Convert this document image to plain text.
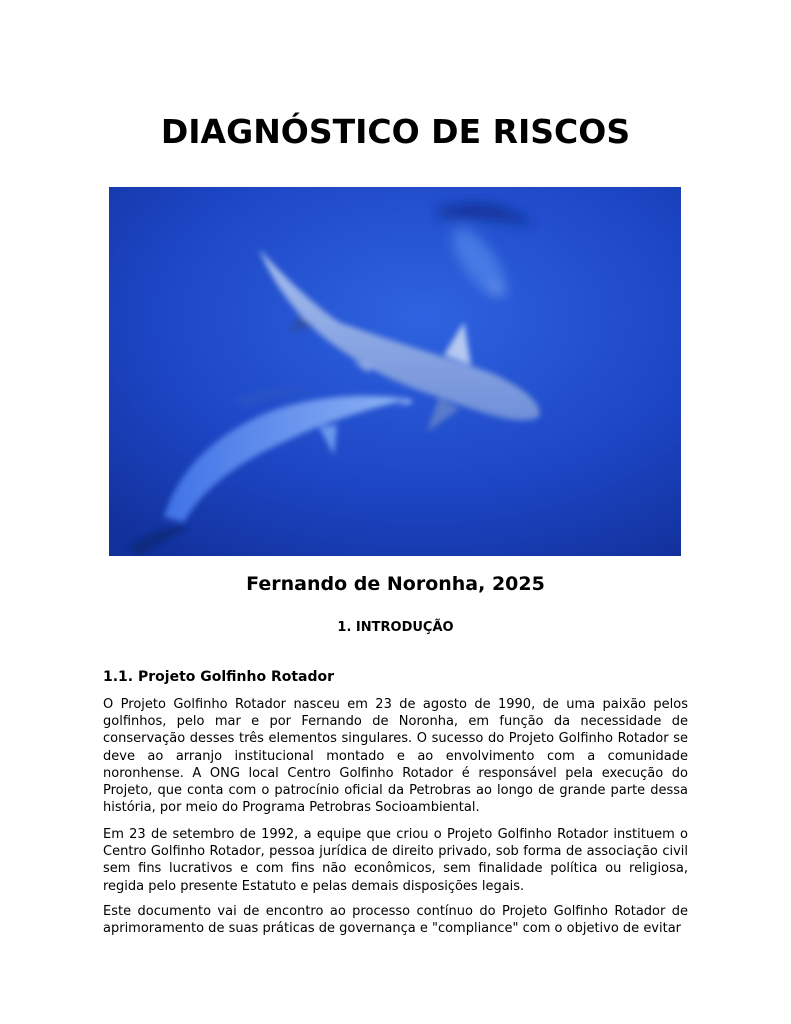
DIAGNÓSTICO DE RISCOS
Fernando de Noronha, 2025
1. INTRODUÇÃO
1.1. Projeto Golfinho Rotador

O Projeto Golfinho Rotador nasceu em 23 de agosto de 1990, de uma paixão pelos golfinhos, pelo mar e por Fernando de Noronha, em função da necessidade de conservação desses três elementos singulares. O sucesso do Projeto Golfinho Rotador se deve ao arranjo institucional montado e ao envolvimento com a comunidade noronhense. A ONG local Centro Golfinho Rotador é responsável pela execução do Projeto, que conta com o patrocínio oficial da Petrobras ao longo de grande parte dessa história, por meio do Programa Petrobras Socioambiental.

Em 23 de setembro de 1992, a equipe que criou o Projeto Golfinho Rotador instituem o Centro Golfinho Rotador, pessoa jurídica de direito privado, sob forma de associação civil sem fins lucrativos e com fins não econômicos, sem finalidade política ou religiosa, regida pelo presente Estatuto e pelas demais disposições legais.

Este documento vai de encontro ao processo contínuo do Projeto Golfinho Rotador de aprimoramento de suas práticas de governança e "compliance" com o objetivo de evitar
